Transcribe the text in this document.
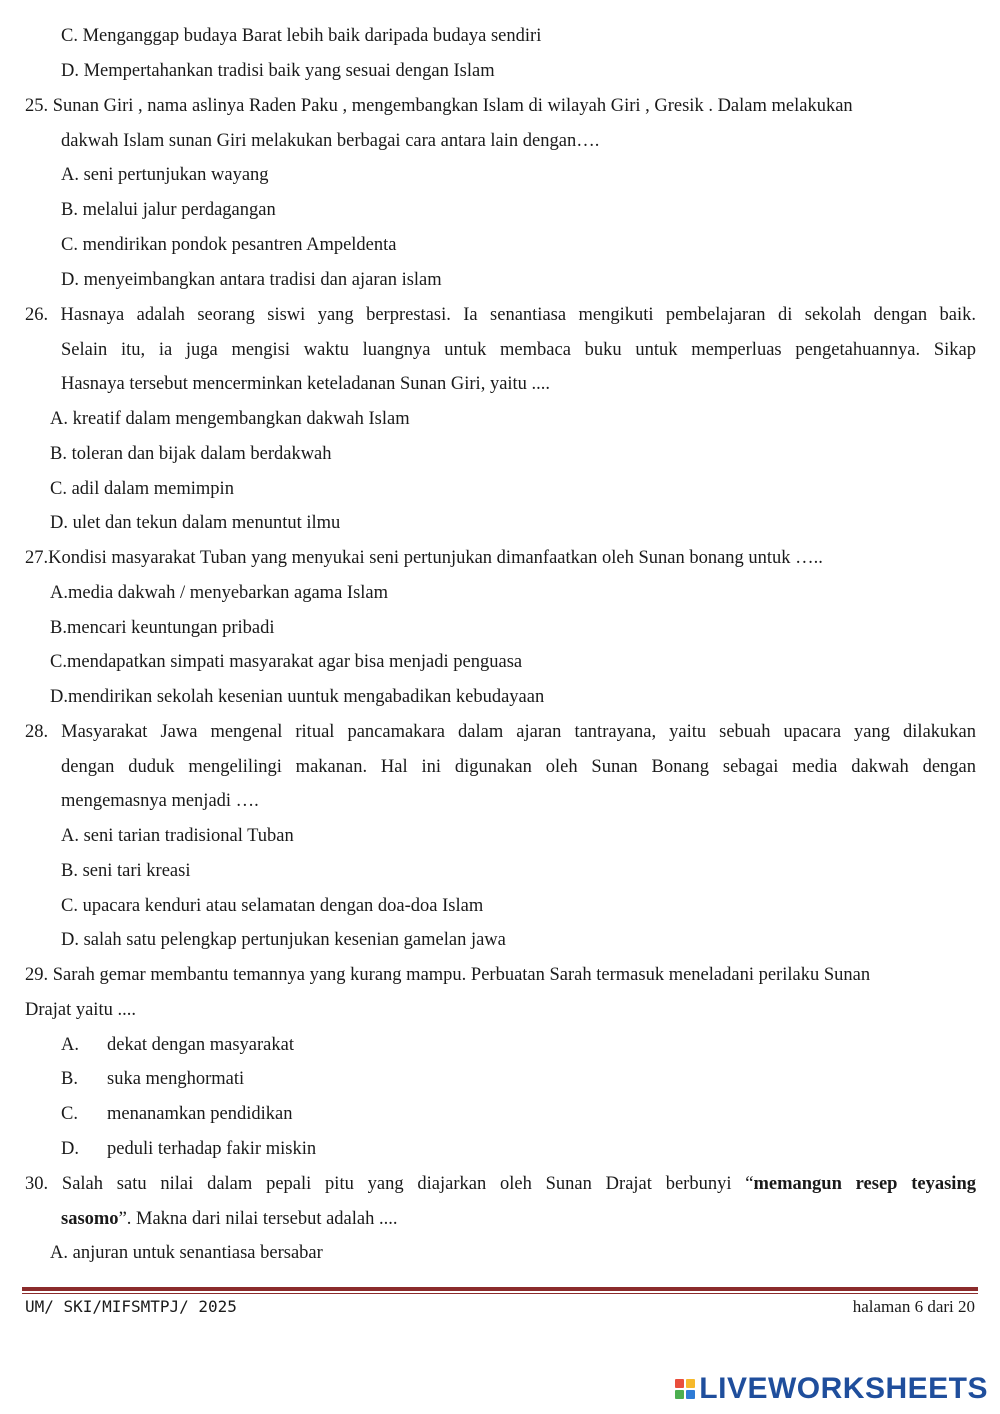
C. Menganggap budaya Barat lebih baik daripada budaya sendiri
D. Mempertahankan tradisi baik yang sesuai dengan Islam
25. Sunan Giri , nama aslinya Raden Paku , mengembangkan Islam di wilayah Giri , Gresik . Dalam melakukan
dakwah Islam sunan Giri melakukan berbagai cara antara lain dengan….
A. seni pertunjukan wayang
B. melalui jalur perdagangan
C. mendirikan pondok pesantren Ampeldenta
D. menyeimbangkan antara tradisi dan ajaran islam
26. Hasnaya adalah seorang siswi yang berprestasi. Ia senantiasa mengikuti pembelajaran di sekolah dengan baik.
Selain itu, ia juga mengisi waktu luangnya untuk membaca buku untuk memperluas pengetahuannya. Sikap
Hasnaya tersebut mencerminkan keteladanan Sunan Giri, yaitu ....
A. kreatif dalam mengembangkan dakwah Islam
B. toleran dan bijak dalam berdakwah
C. adil dalam memimpin
D. ulet dan tekun dalam menuntut ilmu
27.Kondisi masyarakat Tuban yang menyukai seni pertunjukan dimanfaatkan oleh Sunan bonang untuk …..
A.media dakwah / menyebarkan agama Islam
B.mencari keuntungan pribadi
C.mendapatkan simpati masyarakat agar bisa menjadi penguasa
D.mendirikan sekolah kesenian uuntuk mengabadikan kebudayaan
28. Masyarakat Jawa mengenal ritual pancamakara dalam ajaran tantrayana, yaitu sebuah upacara yang dilakukan
dengan duduk mengelilingi makanan. Hal ini digunakan oleh Sunan Bonang sebagai media dakwah dengan
mengemasnya menjadi ….
A. seni tarian tradisional Tuban
B. seni tari kreasi
C. upacara kenduri atau selamatan dengan doa-doa Islam
D. salah satu pelengkap pertunjukan kesenian gamelan jawa
29. Sarah gemar membantu temannya yang kurang mampu. Perbuatan Sarah termasuk meneladani perilaku Sunan
Drajat yaitu ....
A. dekat dengan masyarakat
B. suka menghormati
C. menanamkan pendidikan
D. peduli terhadap fakir miskin
30. Salah satu nilai dalam pepali pitu yang diajarkan oleh Sunan Drajat berbunyi “memangun resep teyasing
sasomo”. Makna dari nilai tersebut adalah ....
A. anjuran untuk senantiasa bersabar
UM/ SKI/MIFSMTPJ/ 2025	halaman 6 dari 20
LIVEWORKSHEETS
